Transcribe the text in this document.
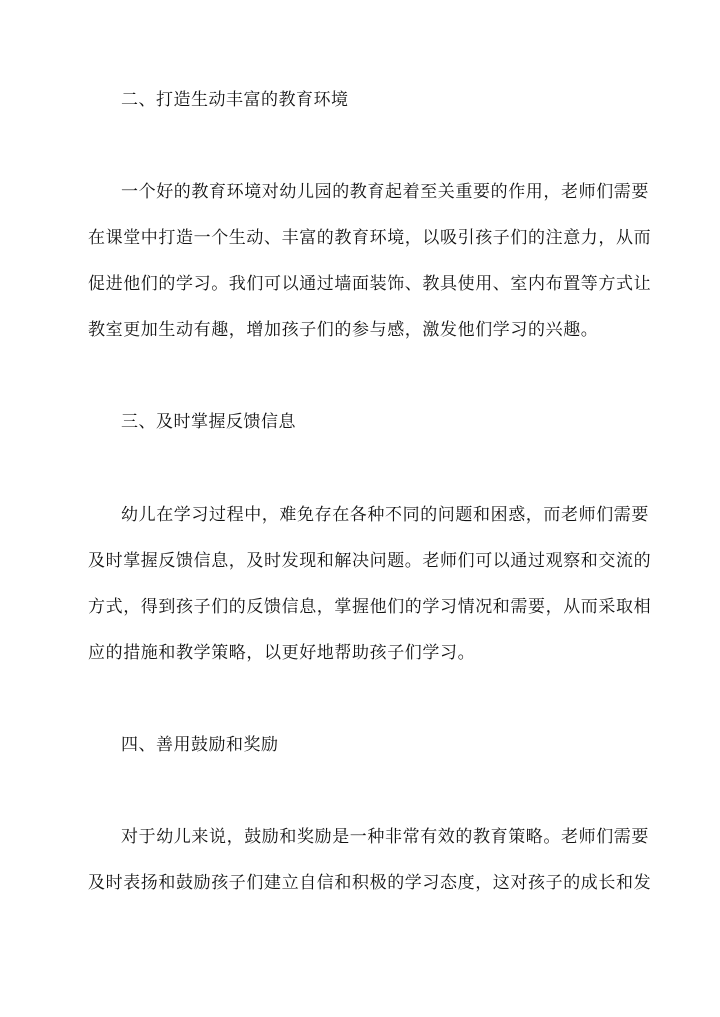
二、打造生动丰富的教育环境
一个好的教育环境对幼儿园的教育起着至关重要的作用，老师们需要
在课堂中打造一个生动、丰富的教育环境，以吸引孩子们的注意力，从而
促进他们的学习。我们可以通过墙面装饰、教具使用、室内布置等方式让
教室更加生动有趣，增加孩子们的参与感，激发他们学习的兴趣。
三、及时掌握反馈信息
幼儿在学习过程中，难免存在各种不同的问题和困惑，而老师们需要
及时掌握反馈信息，及时发现和解决问题。老师们可以通过观察和交流的
方式，得到孩子们的反馈信息，掌握他们的学习情况和需要，从而采取相
应的措施和教学策略，以更好地帮助孩子们学习。
四、善用鼓励和奖励
对于幼儿来说，鼓励和奖励是一种非常有效的教育策略。老师们需要
及时表扬和鼓励孩子们建立自信和积极的学习态度，这对孩子的成长和发
